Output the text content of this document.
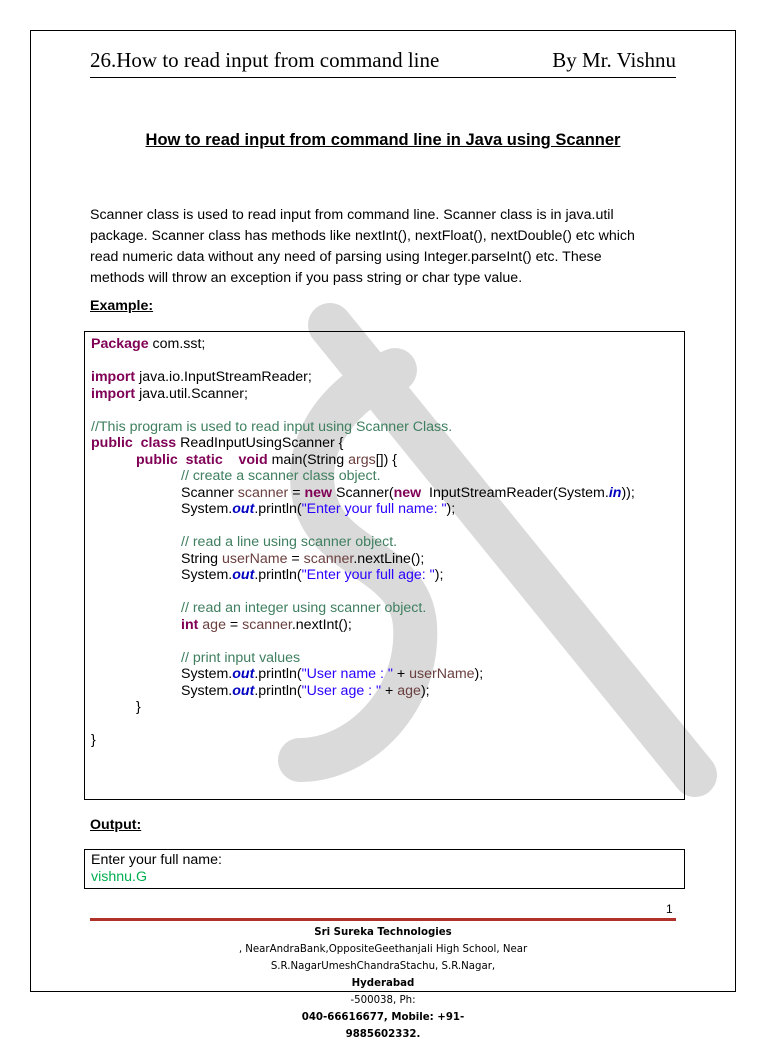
26.How to read input from command line	By Mr. Vishnu
How to read input from command line in Java using Scanner
Scanner class is used to read input from command line. Scanner class is in java.util
package. Scanner class has methods like nextInt(), nextFloat(), nextDouble() etc which
read numeric data without any need of parsing using Integer.parseInt() etc. These
methods will throw an exception if you pass string or char type value.
Example:
Package com.sst;
import java.io.InputStreamReader;
import java.util.Scanner;
//This program is used to read input using Scanner Class.
public  class ReadInputUsingScanner {
public  static void main(String args[]) {
// create a scanner class object.
Scanner scanner = new Scanner(new  InputStreamReader(System.in));
System.out.println("Enter your full name: ");
// read a line using scanner object.
String userName = scanner.nextLine();
System.out.println("Enter your full age: ");
// read an integer using scanner object.
int age = scanner.nextInt();
// print input values
System.out.println("User name : " + userName);
System.out.println("User age : " + age);
}
}
Output:
Enter your full name:
vishnu.G
1
Sri Sureka Technologies
, NearAndraBank,OppositeGeethanjali High School, Near
S.R.NagarUmeshChandraStachu, S.R.Nagar,
Hyderabad
-500038, Ph:
040-66616677, Mobile: +91-
9885602332.
